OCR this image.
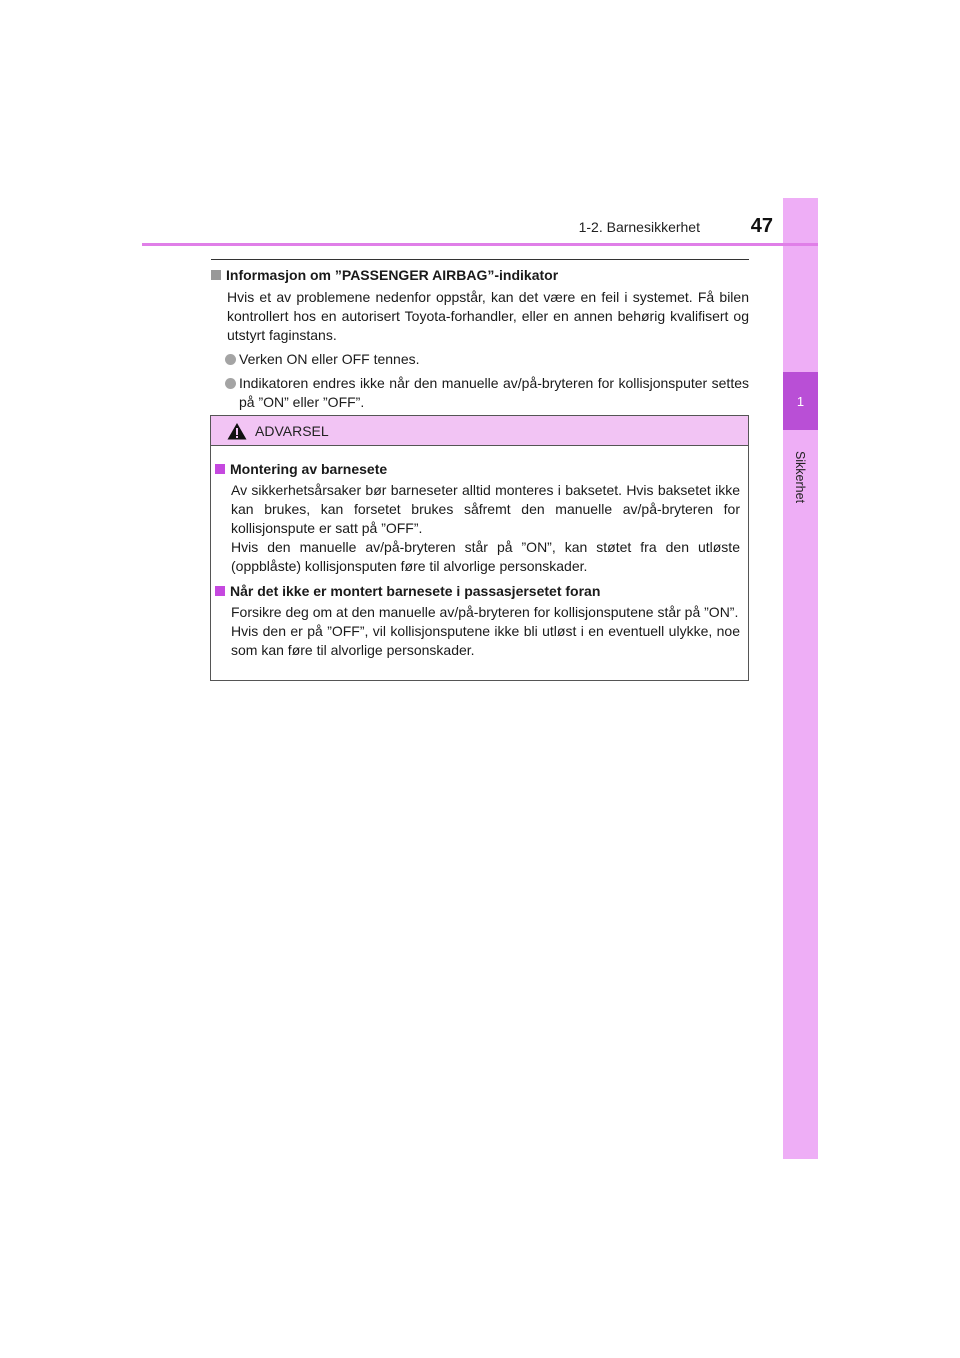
1
Sikkerhet
1-2. Barnesikkerhet	47
Informasjon om ”PASSENGER AIRBAG”-indikator
Hvis et av problemene nedenfor oppstår, kan det være en feil i systemet. Få bilen kontrollert hos en autorisert Toyota-forhandler, eller en annen behørig kvalifisert og utstyrt faginstans.
Verken ON eller OFF tennes.
Indikatoren endres ikke når den manuelle av/på-bryteren for kollisjonsputer settes på ”ON” eller ”OFF”.
ADVARSEL
Montering av barnesete
Av sikkerhetsårsaker bør barneseter alltid monteres i baksetet. Hvis baksetet ikke kan brukes, kan forsetet brukes såfremt den manuelle av/på-bryteren for kollisjonspute er satt på ”OFF”.
Hvis den manuelle av/på-bryteren står på ”ON”, kan støtet fra den utløste (oppblåste) kollisjonsputen føre til alvorlige personskader.
Når det ikke er montert barnesete i passasjersetet foran
Forsikre deg om at den manuelle av/på-bryteren for kollisjonsputene står på ”ON”.
Hvis den er på ”OFF”, vil kollisjonsputene ikke bli utløst i en eventuell ulykke, noe som kan føre til alvorlige personskader.
